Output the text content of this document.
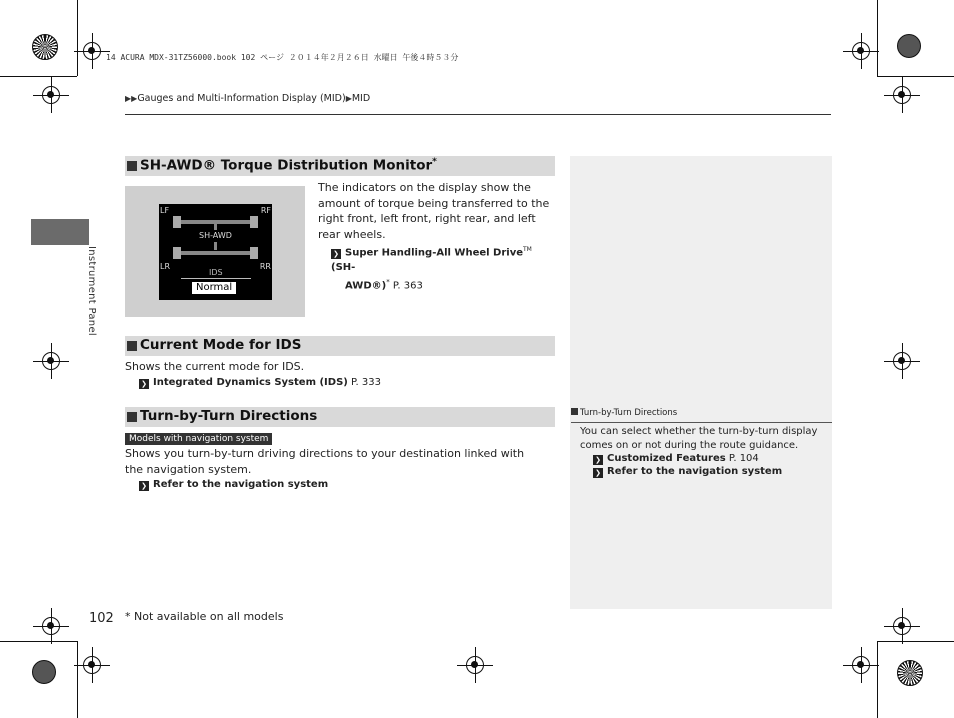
14 ACURA MDX-31TZ56000.book 102 ページ ２０１４年２月２６日 水曜日 午後４時５３分
▶▶Gauges and Multi-Information Display (MID)▶MID
Instrument Panel
SH-AWD® Torque Distribution Monitor*
LF	RF
LR	RR
SH-AWD
IDS
Normal
The indicators on the display show the amount of torque being transferred to the right front, left front, right rear, and left rear wheels.
❯ Super Handling-All Wheel Drive™ (SH-
AWD®)* P. 363
Current Mode for IDS
Shows the current mode for IDS.
❯ Integrated Dynamics System (IDS) P. 333
Turn-by-Turn Directions
Models with navigation system
Shows you turn-by-turn driving directions to your destination linked with the navigation system.
❯ Refer to the navigation system
Turn-by-Turn Directions
You can select whether the turn-by-turn display comes on or not during the route guidance.
❯ Customized Features P. 104
❯ Refer to the navigation system
102 * Not available on all models
